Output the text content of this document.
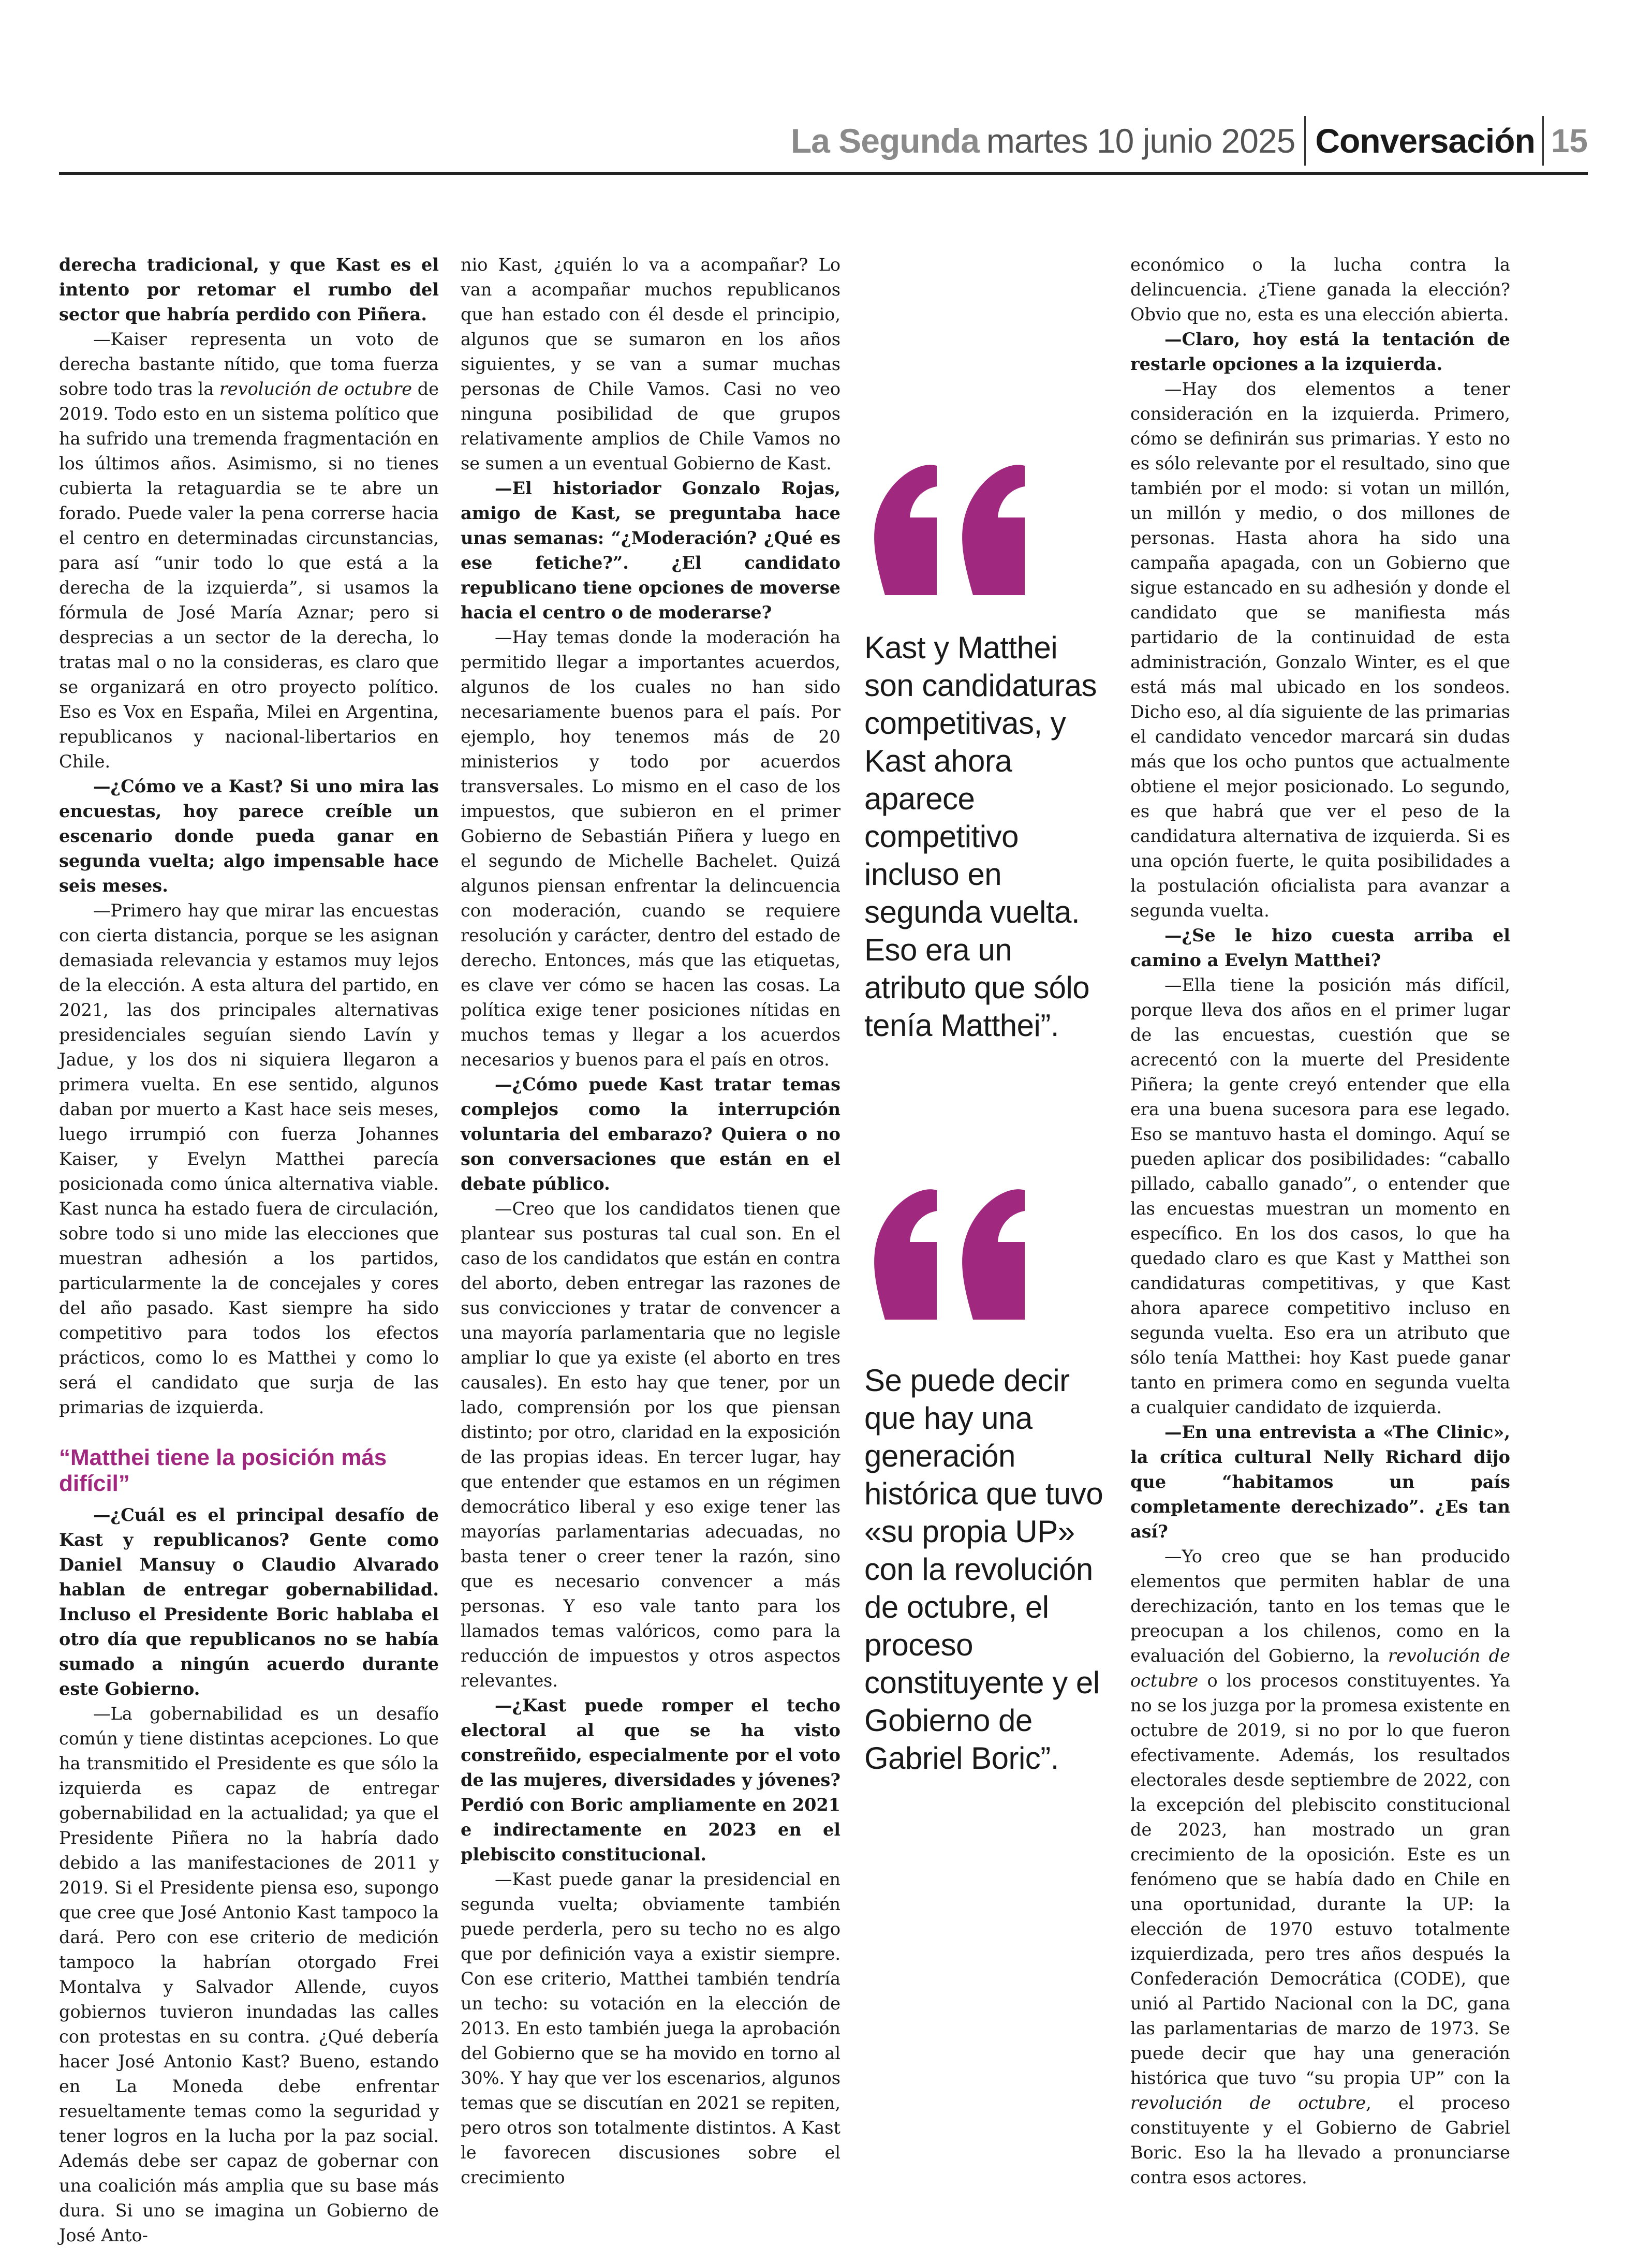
La Segunda martes 10 junio 2025 Conversación 15

derecha tradicional, y que Kast es el intento por retomar el rumbo del sector que habría perdido con Piñera.

—Kaiser representa un voto de derecha bastante nítido, que toma fuerza sobre todo tras la revolución de octubre de 2019. Todo esto en un sistema político que ha sufrido una tremenda fragmentación en los últimos años. Asimismo, si no tienes cubierta la retaguardia se te abre un forado. Puede valer la pena correrse hacia el centro en determinadas circunstancias, para así “unir todo lo que está a la derecha de la izquierda”, si usamos la fórmula de José María Aznar; pero si desprecias a un sector de la derecha, lo tratas mal o no la consideras, es claro que se organizará en otro proyecto político. Eso es Vox en España, Milei en Argentina, republicanos y nacional-libertarios en Chile.

—¿Cómo ve a Kast? Si uno mira las encuestas, hoy parece creíble un escenario donde pueda ganar en segunda vuelta; algo impensable hace seis meses.

—Primero hay que mirar las encuestas con cierta distancia, porque se les asignan demasiada relevancia y estamos muy lejos de la elección. A esta altura del partido, en 2021, las dos principales alternativas presidenciales seguían siendo Lavín y Jadue, y los dos ni siquiera llegaron a primera vuelta. En ese sentido, algunos daban por muerto a Kast hace seis meses, luego irrumpió con fuerza Johannes Kaiser, y Evelyn Matthei parecía posicionada como única alternativa viable. Kast nunca ha estado fuera de circulación, sobre todo si uno mide las elecciones que muestran adhesión a los partidos, particularmente la de concejales y cores del año pasado. Kast siempre ha sido competitivo para todos los efectos prácticos, como lo es Matthei y como lo será el candidato que surja de las primarias de izquierda.

“Matthei tiene la posición más difícil”

—¿Cuál es el principal desafío de Kast y republicanos? Gente como Daniel Mansuy o Claudio Alvarado hablan de entregar gobernabilidad. Incluso el Presidente Boric hablaba el otro día que republicanos no se había sumado a ningún acuerdo durante este Gobierno.

—La gobernabilidad es un desafío común y tiene distintas acepciones. Lo que ha transmitido el Presidente es que sólo la izquierda es capaz de entregar gobernabilidad en la actualidad; ya que el Presidente Piñera no la habría dado debido a las manifestaciones de 2011 y 2019. Si el Presidente piensa eso, supongo que cree que José Antonio Kast tampoco la dará. Pero con ese criterio de medición tampoco la habrían otorgado Frei Montalva y Salvador Allende, cuyos gobiernos tuvieron inundadas las calles con protestas en su contra. ¿Qué debería hacer José Antonio Kast? Bueno, estando en La Moneda debe enfrentar resueltamente temas como la seguridad y tener logros en la lucha por la paz social. Además debe ser capaz de gobernar con una coalición más amplia que su base más dura. Si uno se imagina un Gobierno de José Anto-

nio Kast, ¿quién lo va a acompañar? Lo van a acompañar muchos republicanos que han estado con él desde el principio, algunos que se sumaron en los años siguientes, y se van a sumar muchas personas de Chile Vamos. Casi no veo ninguna posibilidad de que grupos relativamente amplios de Chile Vamos no se sumen a un eventual Gobierno de Kast.

—El historiador Gonzalo Rojas, amigo de Kast, se preguntaba hace unas semanas: “¿Moderación? ¿Qué es ese fetiche?”. ¿El candidato republicano tiene opciones de moverse hacia el centro o de moderarse?

—Hay temas donde la moderación ha permitido llegar a importantes acuerdos, algunos de los cuales no han sido necesariamente buenos para el país. Por ejemplo, hoy tenemos más de 20 ministerios y todo por acuerdos transversales. Lo mismo en el caso de los impuestos, que subieron en el primer Gobierno de Sebastián Piñera y luego en el segundo de Michelle Bachelet. Quizá algunos piensan enfrentar la delincuencia con moderación, cuando se requiere resolución y carácter, dentro del estado de derecho. Entonces, más que las etiquetas, es clave ver cómo se hacen las cosas. La política exige tener posiciones nítidas en muchos temas y llegar a los acuerdos necesarios y buenos para el país en otros.

—¿Cómo puede Kast tratar temas complejos como la interrupción voluntaria del embarazo? Quiera o no son conversaciones que están en el debate público.

—Creo que los candidatos tienen que plantear sus posturas tal cual son. En el caso de los candidatos que están en contra del aborto, deben entregar las razones de sus convicciones y tratar de convencer a una mayoría parlamentaria que no legisle ampliar lo que ya existe (el aborto en tres causales). En esto hay que tener, por un lado, comprensión por los que piensan distinto; por otro, claridad en la exposición de las propias ideas. En tercer lugar, hay que entender que estamos en un régimen democrático liberal y eso exige tener las mayorías parlamentarias adecuadas, no basta tener o creer tener la razón, sino que es necesario convencer a más personas. Y eso vale tanto para los llamados temas valóricos, como para la reducción de impuestos y otros aspectos relevantes.

—¿Kast puede romper el techo electoral al que se ha visto constreñido, especialmente por el voto de las mujeres, diversidades y jóvenes? Perdió con Boric ampliamente en 2021 e indirectamente en 2023 en el plebiscito constitucional.

—Kast puede ganar la presidencial en segunda vuelta; obviamente también puede perderla, pero su techo no es algo que por definición vaya a existir siempre. Con ese criterio, Matthei también tendría un techo: su votación en la elección de 2013. En esto también juega la aprobación del Gobierno que se ha movido en torno al 30%. Y hay que ver los escenarios, algunos temas que se discutían en 2021 se repiten, pero otros son totalmente distintos. A Kast le favorecen discusiones sobre el crecimiento

Kast y Matthei son candidaturas competitivas, y Kast ahora aparece competitivo incluso en segunda vuelta. Eso era un atributo que sólo tenía Matthei”.
Se puede decir que hay una generación histórica que tuvo «su propia UP» con la revolución de octubre, el proceso constituyente y el Gobierno de Gabriel Boric”.

económico o la lucha contra la delincuencia. ¿Tiene ganada la elección? Obvio que no, esta es una elección abierta.

—Claro, hoy está la tentación de restarle opciones a la izquierda.

—Hay dos elementos a tener consideración en la izquierda. Primero, cómo se definirán sus primarias. Y esto no es sólo relevante por el resultado, sino que también por el modo: si votan un millón, un millón y medio, o dos millones de personas. Hasta ahora ha sido una campaña apagada, con un Gobierno que sigue estancado en su adhesión y donde el candidato que se manifiesta más partidario de la continuidad de esta administración, Gonzalo Winter, es el que está más mal ubicado en los sondeos. Dicho eso, al día siguiente de las primarias el candidato vencedor marcará sin dudas más que los ocho puntos que actualmente obtiene el mejor posicionado. Lo segundo, es que habrá que ver el peso de la candidatura alternativa de izquierda. Si es una opción fuerte, le quita posibilidades a la postulación oficialista para avanzar a segunda vuelta.

—¿Se le hizo cuesta arriba el camino a Evelyn Matthei?

—Ella tiene la posición más difícil, porque lleva dos años en el primer lugar de las encuestas, cuestión que se acrecentó con la muerte del Presidente Piñera; la gente creyó entender que ella era una buena sucesora para ese legado. Eso se mantuvo hasta el domingo. Aquí se pueden aplicar dos posibilidades: “caballo pillado, caballo ganado”, o entender que las encuestas muestran un momento en específico. En los dos casos, lo que ha quedado claro es que Kast y Matthei son candidaturas competitivas, y que Kast ahora aparece competitivo incluso en segunda vuelta. Eso era un atributo que sólo tenía Matthei: hoy Kast puede ganar tanto en primera como en segunda vuelta a cualquier candidato de izquierda.

—En una entrevista a «The Clinic», la crítica cultural Nelly Richard dijo que “habitamos un país completamente derechizado”. ¿Es tan así?

—Yo creo que se han producido elementos que permiten hablar de una derechización, tanto en los temas que le preocupan a los chilenos, como en la evaluación del Gobierno, la revolución de octubre o los procesos constituyentes. Ya no se los juzga por la promesa existente en octubre de 2019, si no por lo que fueron efectivamente. Además, los resultados electorales desde septiembre de 2022, con la excepción del plebiscito constitucional de 2023, han mostrado un gran crecimiento de la oposición. Este es un fenómeno que se había dado en Chile en una oportunidad, durante la UP: la elección de 1970 estuvo totalmente izquierdizada, pero tres años después la Confederación Democrática (CODE), que unió al Partido Nacional con la DC, gana las parlamentarias de marzo de 1973. Se puede decir que hay una generación histórica que tuvo “su propia UP” con la revolución de octubre, el proceso constituyente y el Gobierno de Gabriel Boric. Eso la ha llevado a pronunciarse contra esos actores.
